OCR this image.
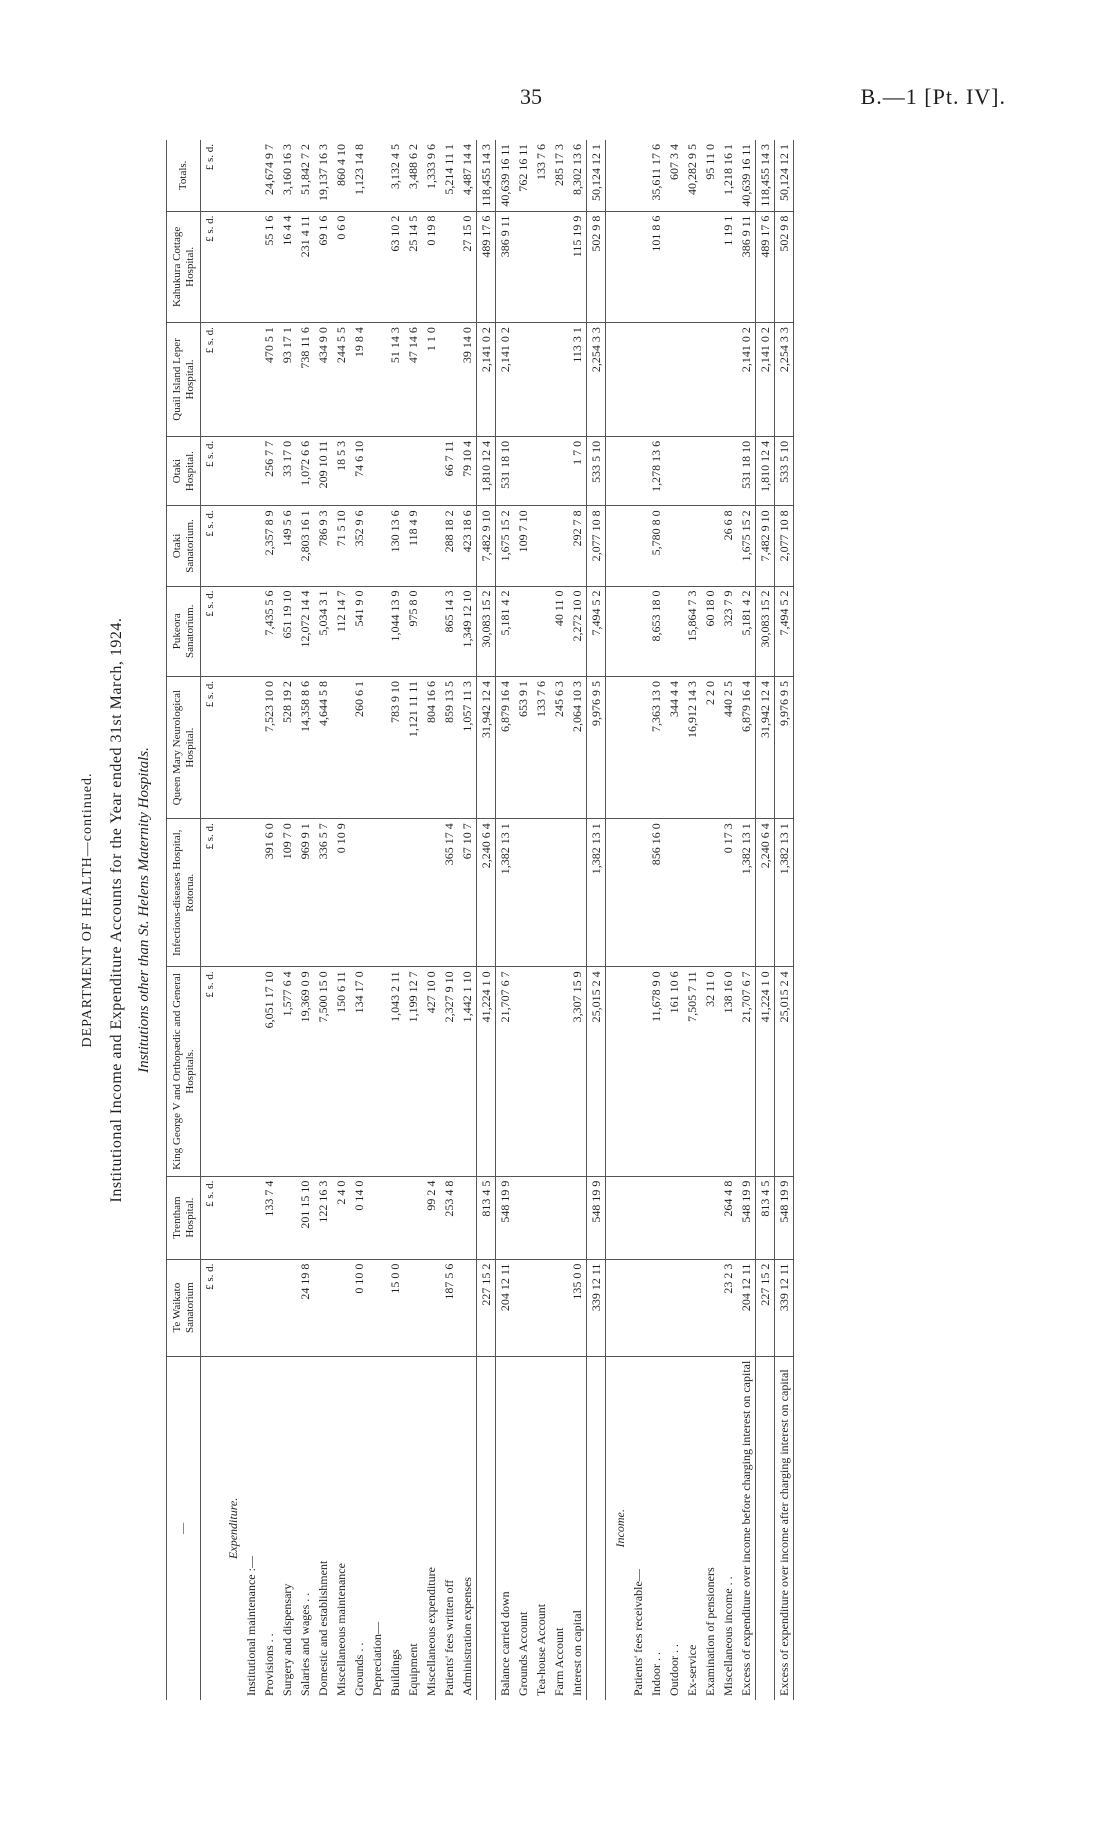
35	B.—1 [Pt. IV].
DEPARTMENT OF HEALTH—continued. Institutional Income and Expenditure Accounts for the Year ended 31st March, 1924. Institutions other than St. Helens Maternity Hospitals.
—	Te Waikato Sanatorium	Trentham Hospital.	King George V and Orthopædic and General Hospitals.	Infectious-diseases Hospital, Rotorua.	Queen Mary Neurological Hospital.	Pukeora Sanatorium.	Otaki Sanatorium.	Otaki Hospital.	Quail Island Leper Hospital.	Kahukura Cottage Hospital.	Totals.
	£ s. d.	£ s. d.	£ s. d.	£ s. d.	£ s. d.	£ s. d.	£ s. d.	£ s. d.	£ s. d.	£ s. d.	£ s. d.
Expenditure.											
Institutional maintenance :—											
Provisions . .		133 7 4	6,051 17 10	391 6 0	7,523 10 0	7,435 5 6	2,357 8 9	256 7 7	470 5 1	55 1 6	24,674 9 7
Surgery and dispensary			1,577 6 4	109 7 0	528 19 2	651 19 10	149 5 6	33 17 0	93 17 1	16 4 4	3,160 16 3
Salaries and wages . .	24 19 8	201 15 10	19,369 0 9	969 9 1	14,358 8 6	12,072 14 4	2,803 16 1	1,072 6 6	738 11 6	231 4 11	51,842 7 2
Domestic and establishment		122 16 3	7,500 15 0	336 5 7	4,644 5 8	5,034 3 1	786 9 3	209 10 11	434 9 0	69 1 6	19,137 16 3
Miscellaneous maintenance		2 4 0	150 6 11	0 10 9		112 14 7	71 5 10	18 5 3	244 5 5	0 6 0	860 4 10
Grounds . .	0 10 0	0 14 0	134 17 0		260 6 1	541 9 0	352 9 6	74 6 10	19 8 4		1,123 14 8
Depreciation—											
Buildings	15 0 0		1,043 2 11		783 9 10	1,044 13 9	130 13 6		51 14 3	63 10 2	3,132 4 5
Equipment			1,199 12 7		1,121 11 11	975 8 0	118 4 9		47 14 6	25 14 5	3,488 6 2
Miscellaneous expenditure		99 2 4	427 10 0		804 16 6				1 1 0	0 19 8	1,333 9 6
Patients' fees written off	187 5 6	253 4 8	2,327 9 10	365 17 4	859 13 5	865 14 3	288 18 2	66 7 11			5,214 11 1
Administration expenses			1,442 1 10	67 10 7	1,057 11 3	1,349 12 10	423 18 6	79 10 4	39 14 0	27 15 0	4,487 14 4
	227 15 2	813 4 5	41,224 1 0	2,240 6 4	31,942 12 4	30,083 15 2	7,482 9 10	1,810 12 4	2,141 0 2	489 17 6	118,455 14 3
Balance carried down	204 12 11	548 19 9	21,707 6 7	1,382 13 1	6,879 16 4	5,181 4 2	1,675 15 2	531 18 10	2,141 0 2	386 9 11	40,639 16 11
Grounds Account					653 9 1		109 7 10				762 16 11
Tea-house Account					133 7 6						133 7 6
Farm Account					245 6 3	40 11 0					285 17 3
Interest on capital	135 0 0		3,307 15 9		2,064 10 3	2,272 10 0	292 7 8	1 7 0	113 3 1	115 19 9	8,302 13 6
	339 12 11	548 19 9	25,015 2 4	1,382 13 1	9,976 9 5	7,494 5 2	2,077 10 8	533 5 10	2,254 3 3	502 9 8	50,124 12 1
Income.											
Patients' fees receivable—											
Indoor . .			11,678 9 0	856 16 0	7,363 13 0	8,653 18 0	5,780 8 0	1,278 13 6		101 8 6	35,611 17 6
Outdoor . .			161 10 6		344 4 4						607 3 4
Ex-service			7,505 7 11		16,912 14 3	15,864 7 3					40,282 9 5
Examination of pensioners			32 11 0		2 2 0	60 18 0					95 11 0
Miscellaneous income . .	23 2 3	264 4 8	138 16 0	0 17 3	440 2 5	323 7 9	26 6 8			1 19 1	1,218 16 1
Excess of expenditure over income before charging interest on capital	204 12 11	548 19 9	21,707 6 7	1,382 13 1	6,879 16 4	5,181 4 2	1,675 15 2	531 18 10	2,141 0 2	386 9 11	40,639 16 11
	227 15 2	813 4 5	41,224 1 0	2,240 6 4	31,942 12 4	30,083 15 2	7,482 9 10	1,810 12 4	2,141 0 2	489 17 6	118,455 14 3
Excess of expenditure over income after charging interest on capital	339 12 11	548 19 9	25,015 2 4	1,382 13 1	9,976 9 5	7,494 5 2	2,077 10 8	533 5 10	2,254 3 3	502 9 8	50,124 12 1
